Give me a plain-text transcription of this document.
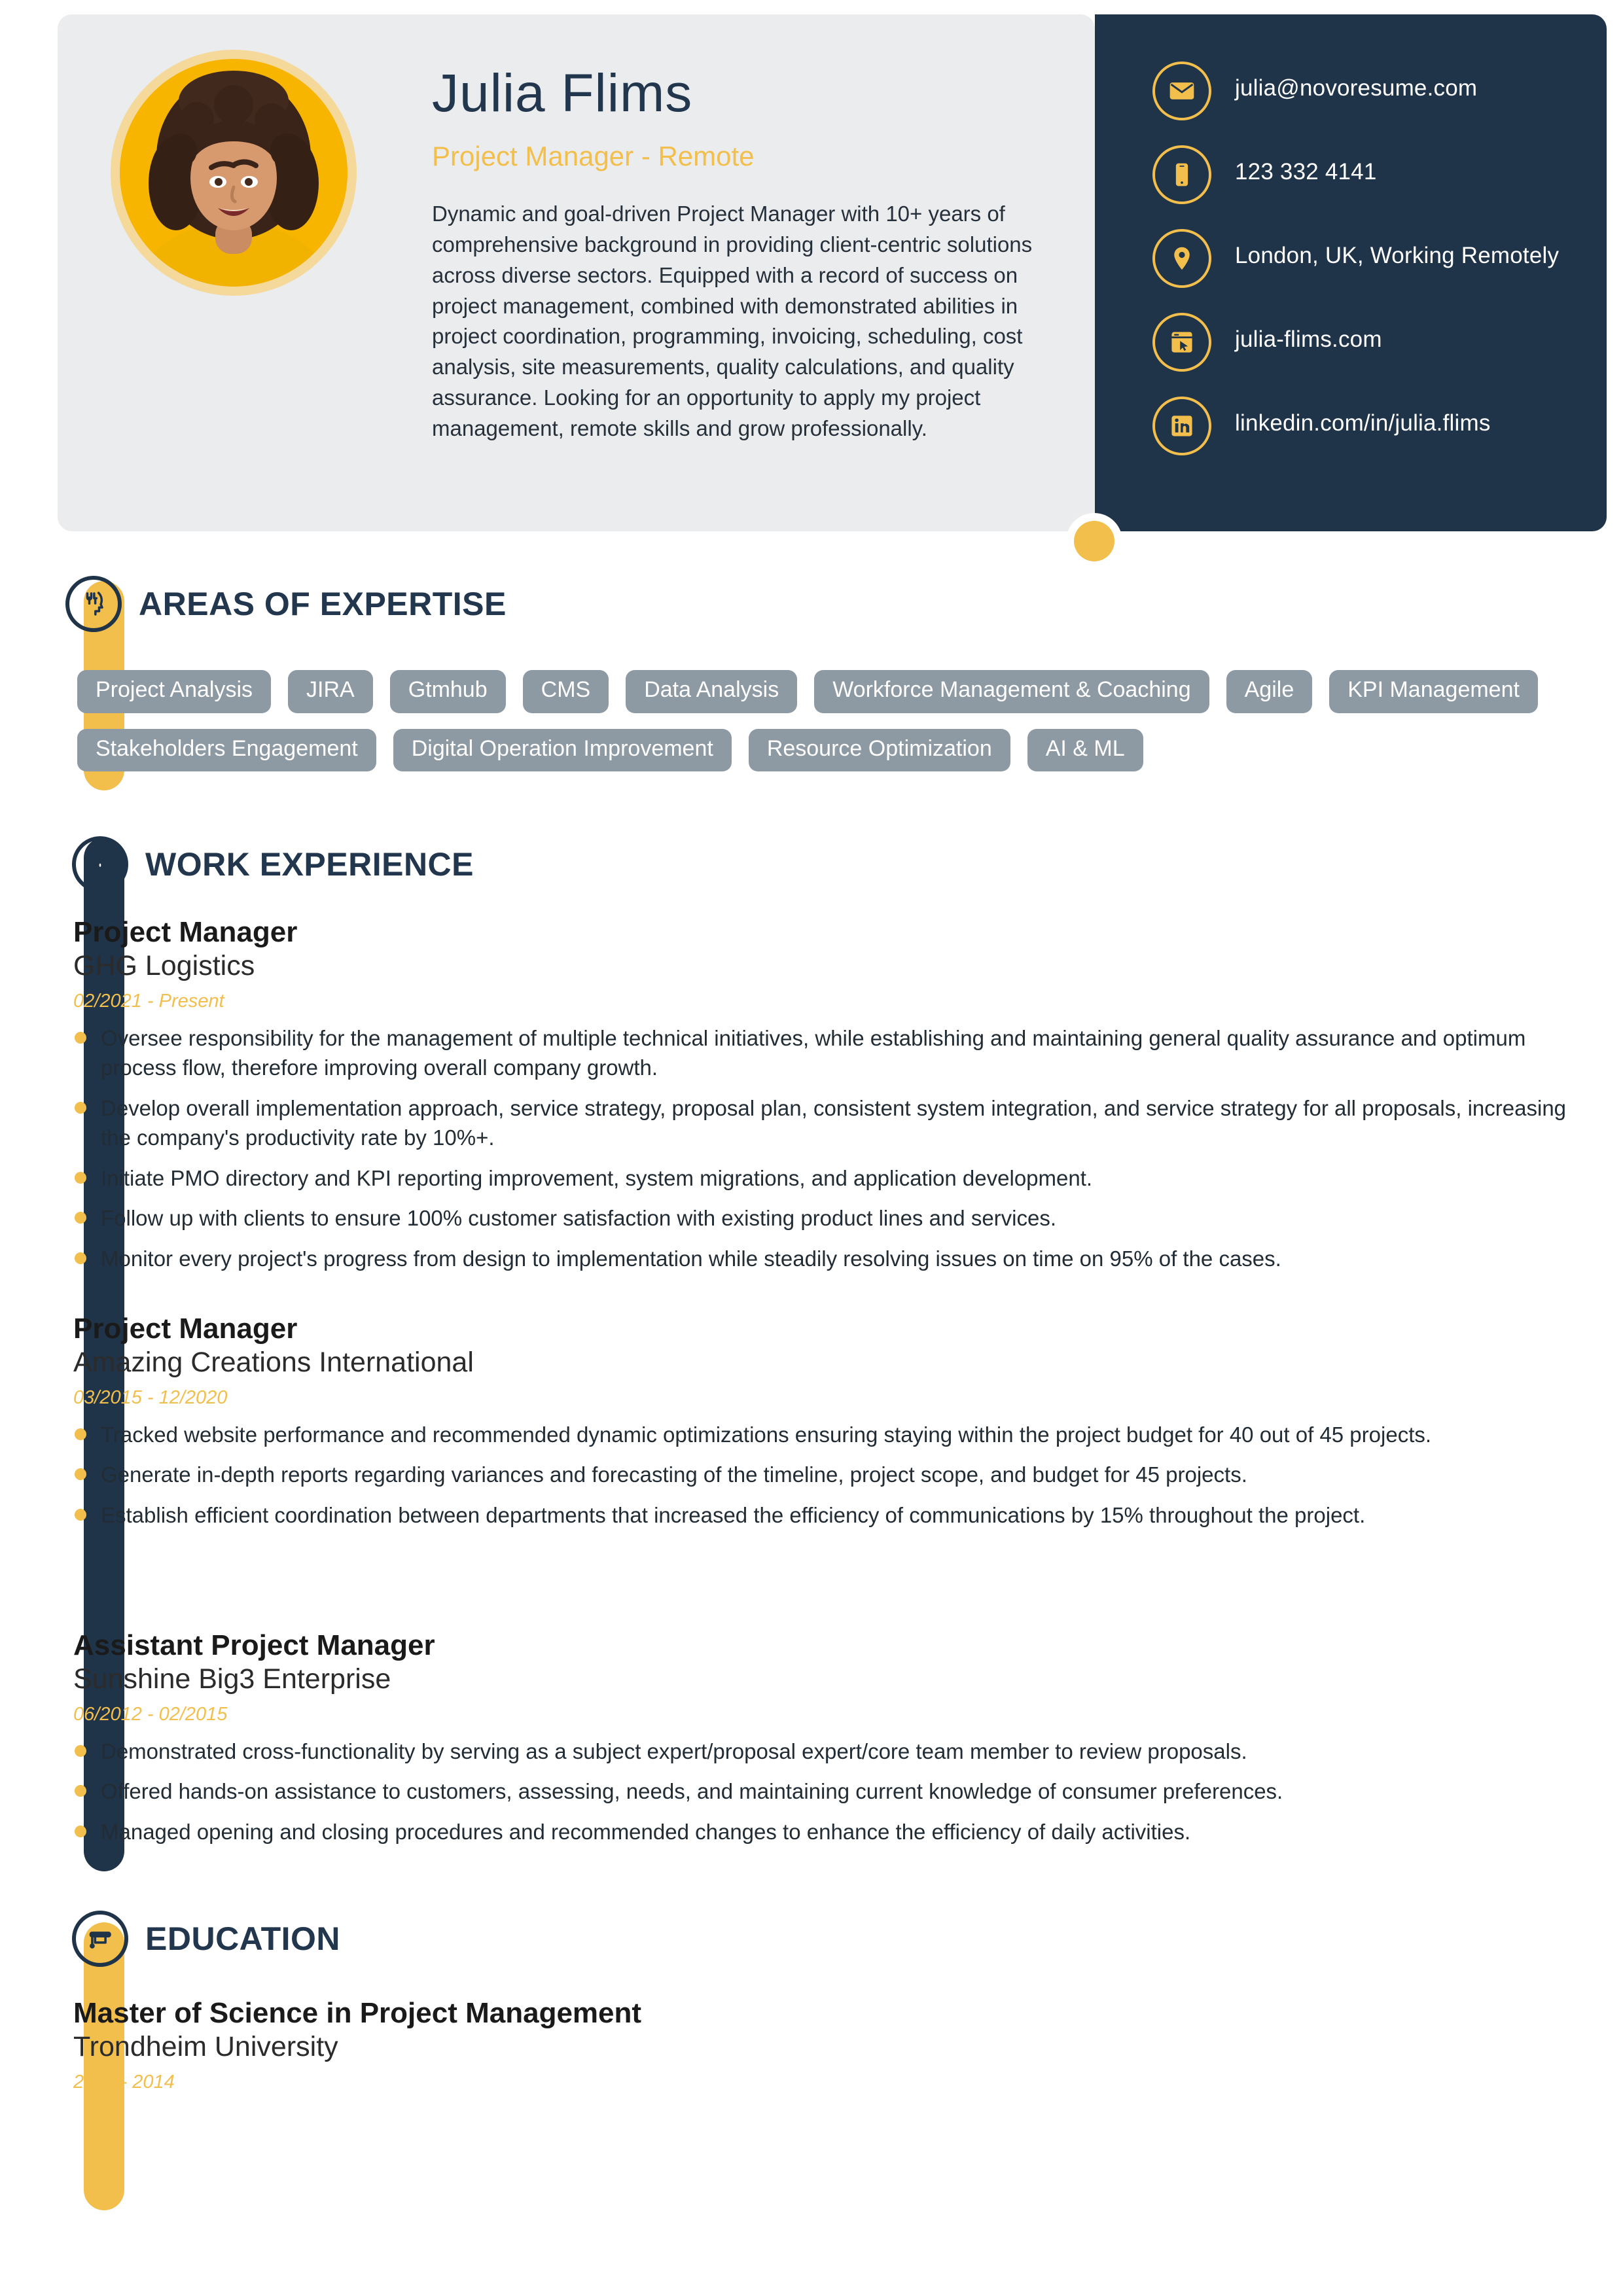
Julia Flims
Project Manager - Remote
Dynamic and goal-driven Project Manager with 10+ years of comprehensive background in providing client-centric solutions across diverse sectors. Equipped with a record of success on project management, combined with demonstrated abilities in project coordination, programming, invoicing, scheduling, cost analysis, site measurements, quality calculations, and quality assurance. Looking for an opportunity to apply my project management, remote skills and grow professionally.
julia@novoresume.com
123 332 4141
London, UK, Working Remotely
julia-flims.com
linkedin.com/in/julia.flims
AREAS OF EXPERTISE
Project Analysis	JIRA	Gtmhub	CMS	Data Analysis	Workforce Management & Coaching	Agile	KPI Management
Stakeholders Engagement	Digital Operation Improvement	Resource Optimization	AI & ML
WORK EXPERIENCE
Project Manager
GHG Logistics
02/2021 - Present
Oversee responsibility for the management of multiple technical initiatives, while establishing and maintaining general quality assurance and optimum process flow, therefore improving overall company growth.
Develop overall implementation approach, service strategy, proposal plan, consistent system integration, and service strategy for all proposals, increasing the company's productivity rate by 10%+.
Initiate PMO directory and KPI reporting improvement, system migrations, and application development.
Follow up with clients to ensure 100% customer satisfaction with existing product lines and services.
Monitor every project's progress from design to implementation while steadily resolving issues on time on 95% of the cases.
Project Manager
Amazing Creations International
03/2015 - 12/2020
Tracked website performance and recommended dynamic optimizations ensuring staying within the project budget for 40 out of 45 projects.
Generate in-depth reports regarding variances and forecasting of the timeline, project scope, and budget for 45 projects.
Establish efficient coordination between departments that increased the efficiency of communications by 15% throughout the project.
Assistant Project Manager
Sunshine Big3 Enterprise
06/2012 - 02/2015
Demonstrated cross-functionality by serving as a subject expert/proposal expert/core team member to review proposals.
Offered hands-on assistance to customers, assessing, needs, and maintaining current knowledge of consumer preferences.
Managed opening and closing procedures and recommended changes to enhance the efficiency of daily activities.
EDUCATION
Master of Science in Project Management
Trondheim University
2012 - 2014
